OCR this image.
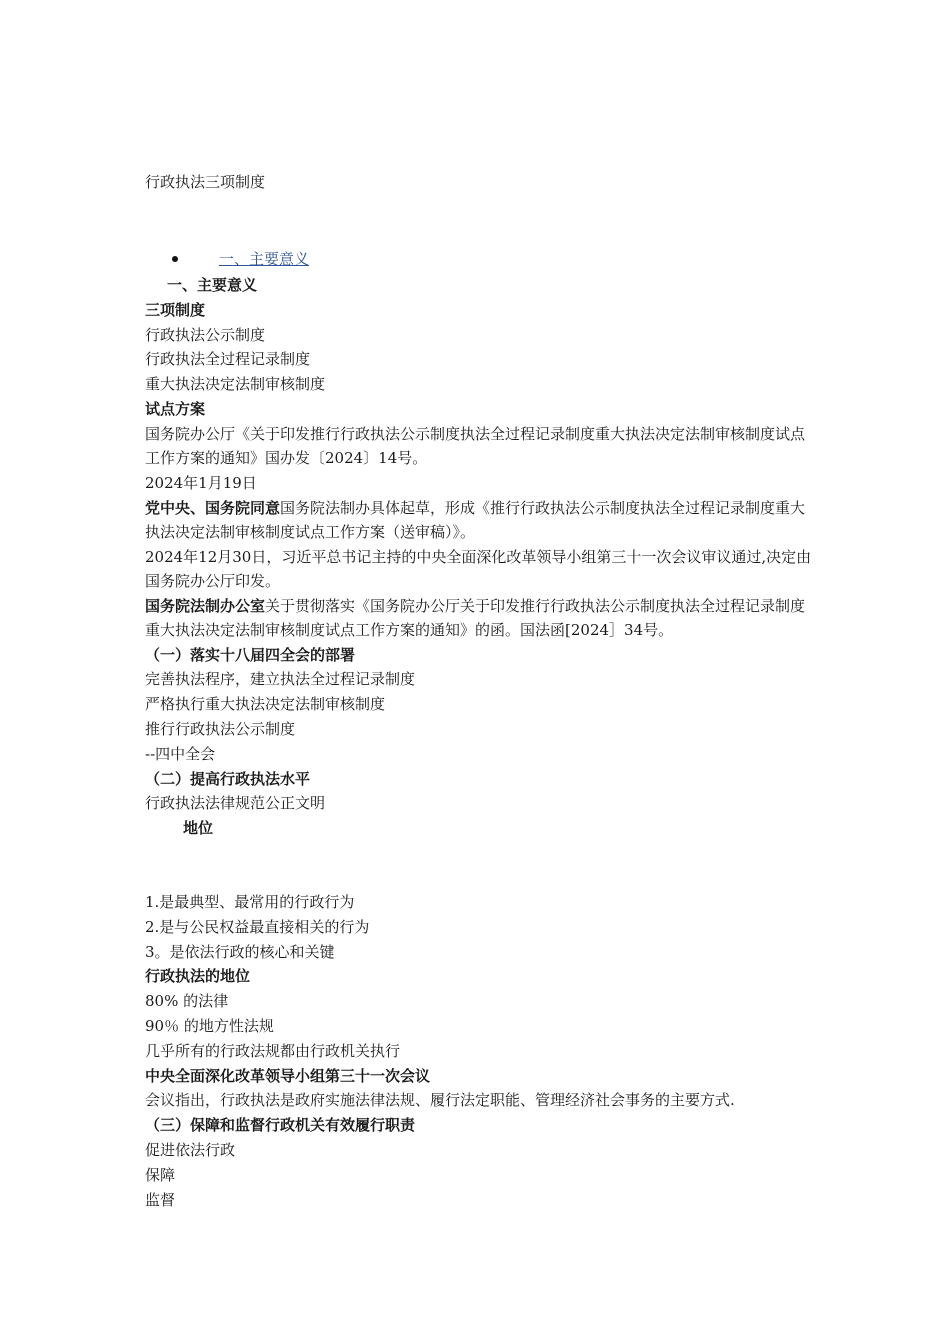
行政执法三项制度
一、主要意义

一、主要意义

三项制度

行政执法公示制度

行政执法全过程记录制度

重大执法决定法制审核制度

试点方案

国务院办公厅《关于印发推行行政执法公示制度执法全过程记录制度重大执法决定法制审核制度试点工作方案的通知》国办发〔2024〕14号。

2024年1月19日

党中央、国务院同意国务院法制办具体起草，形成《推行行政执法公示制度执法全过程记录制度重大执法决定法制审核制度试点工作方案（送审稿）》。

2024年12月30日，习近平总书记主持的中央全面深化改革领导小组第三十一次会议审议通过,决定由国务院办公厅印发。

国务院法制办公室关于贯彻落实《国务院办公厅关于印发推行行政执法公示制度执法全过程记录制度重大执法决定法制审核制度试点工作方案的通知》的函。国法函[2024］34号。

（一）落实十八届四全会的部署

完善执法程序，建立执法全过程记录制度

严格执行重大执法决定法制审核制度

推行行政执法公示制度

--四中全会

（二）提高行政执法水平

行政执法法律规范公正文明

地位

1.是最典型、最常用的行政行为

2.是与公民权益最直接相关的行为

3。是依法行政的核心和关键

行政执法的地位

80% 的法律

90％ 的地方性法规

几乎所有的行政法规都由行政机关执行

中央全面深化改革领导小组第三十一次会议

会议指出，行政执法是政府实施法律法规、履行法定职能、管理经济社会事务的主要方式.

（三）保障和监督行政机关有效履行职责

促进依法行政

保障

监督
